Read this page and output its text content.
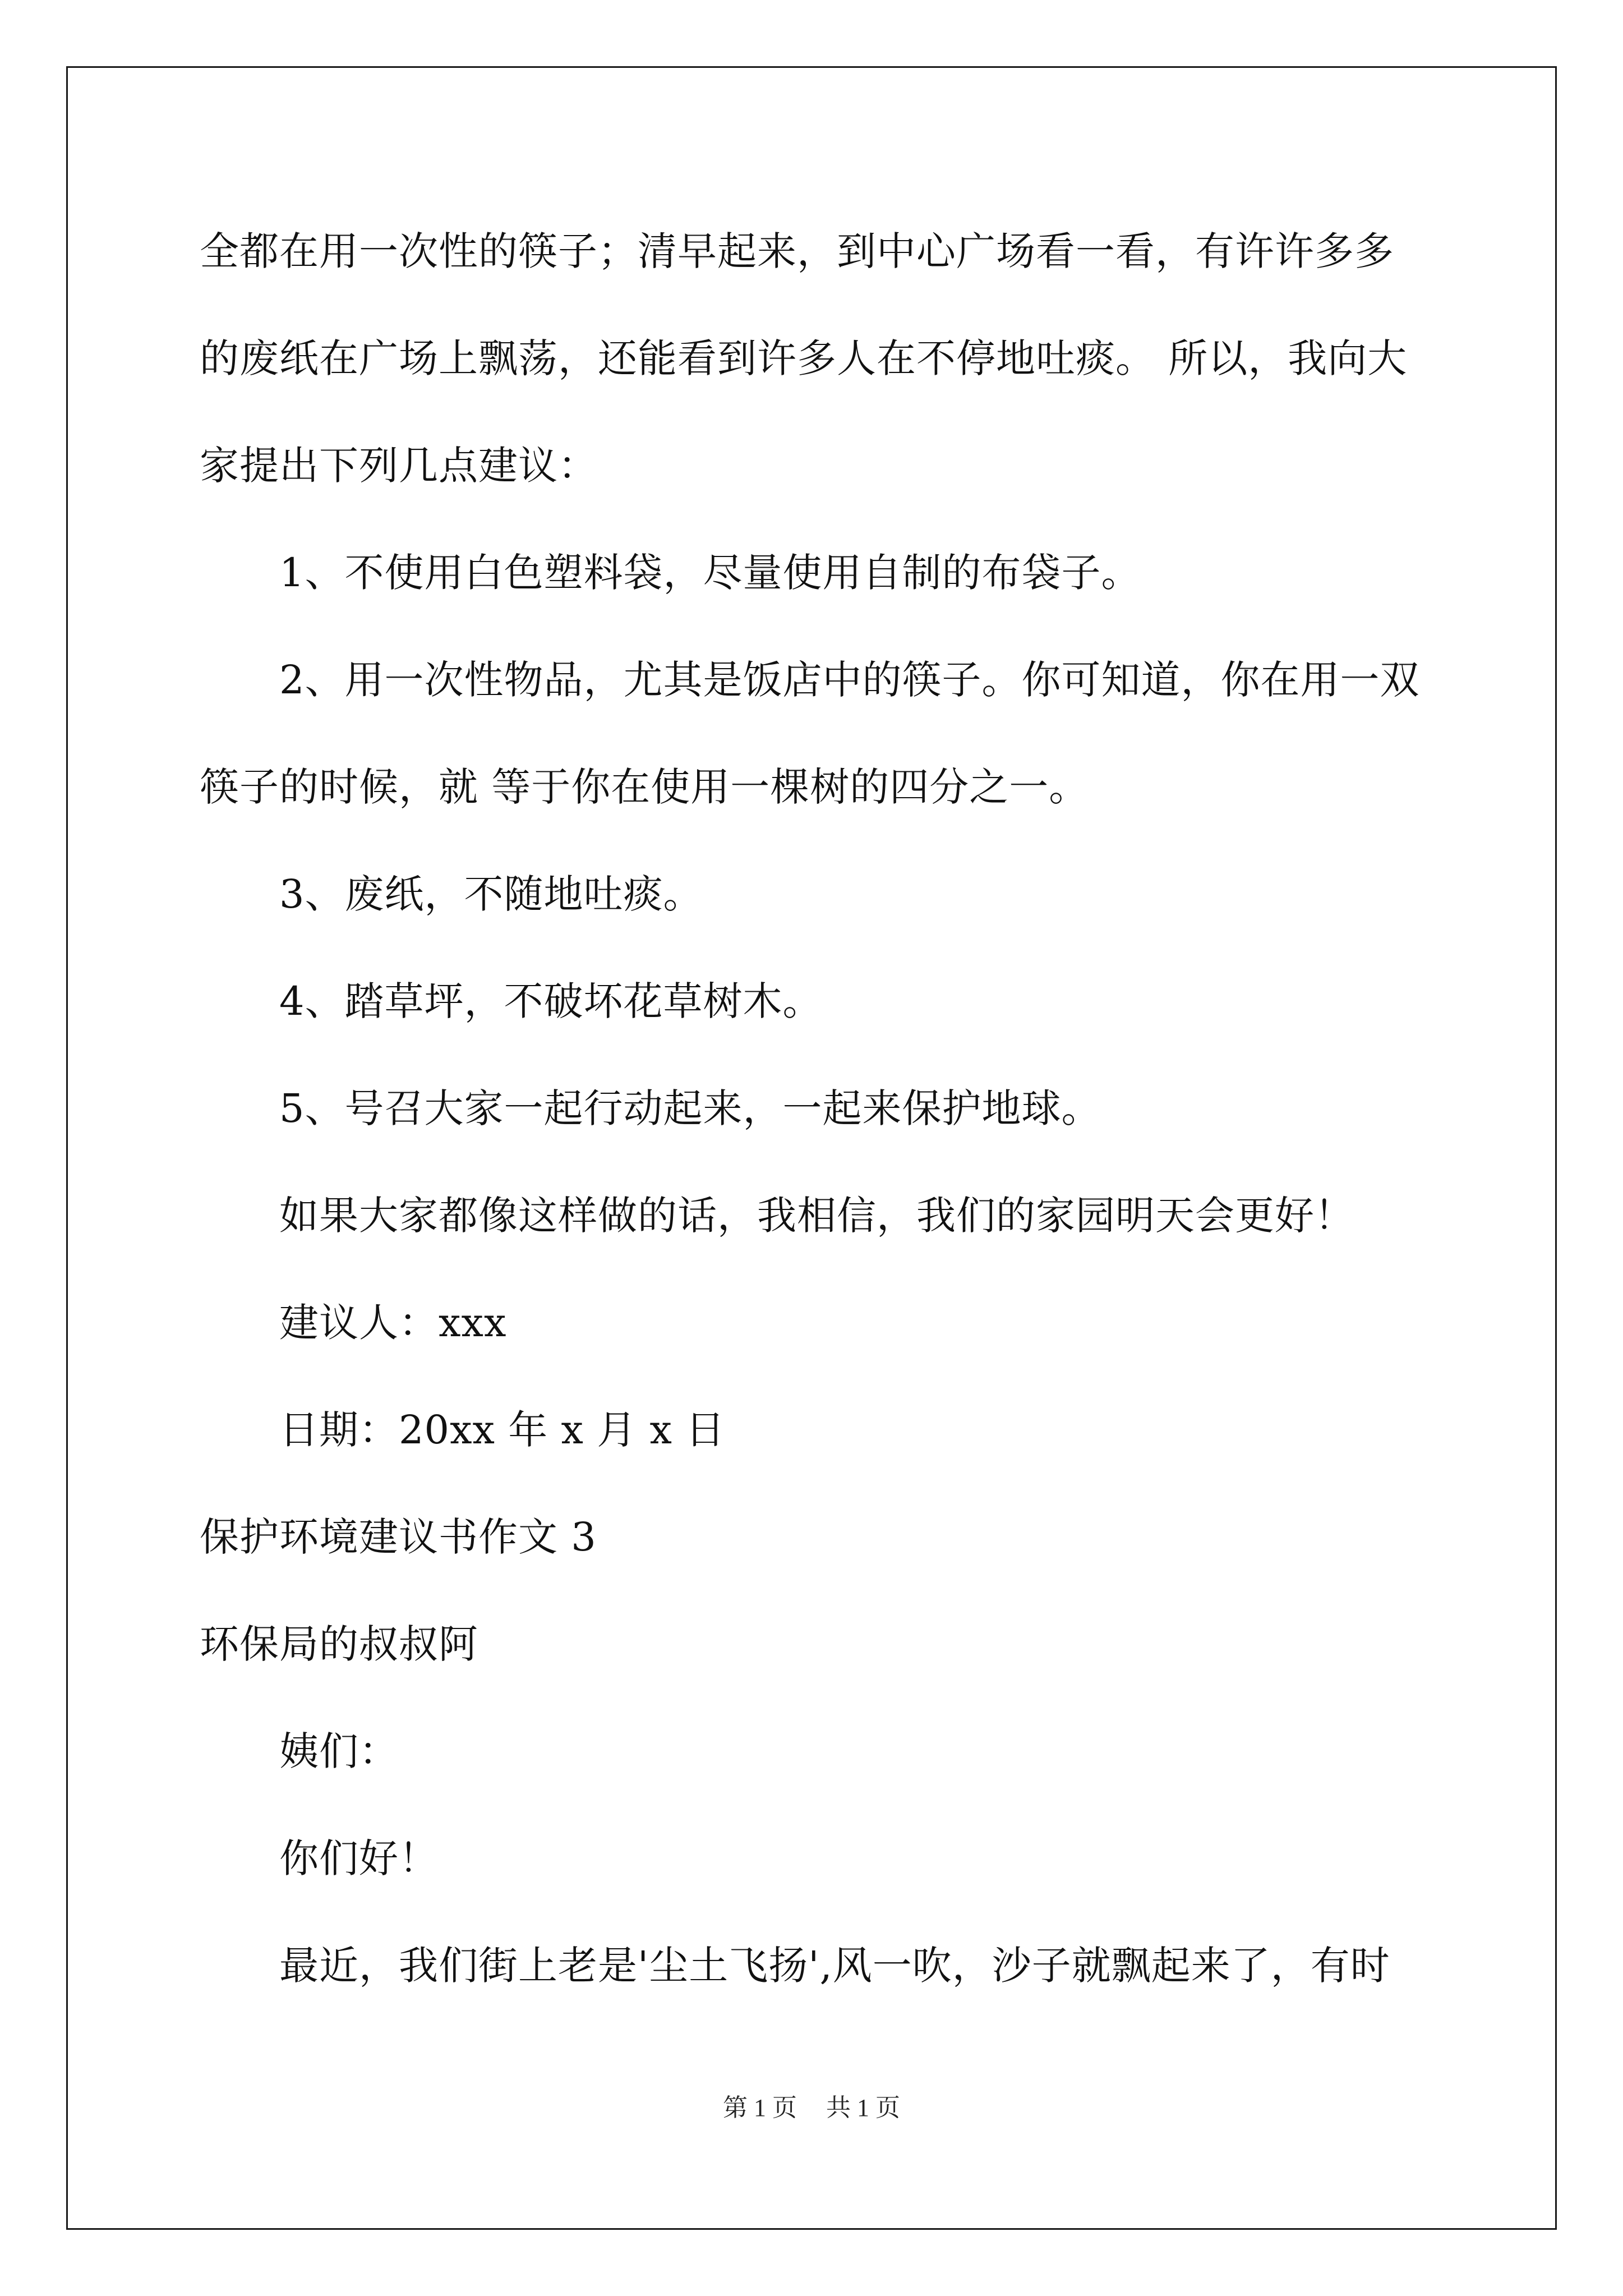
全都在用一次性的筷子；清早起来，到中心广场看一看，有许许多多
的废纸在广场上飘荡，还能看到许多人在不停地吐痰。 所以，我向大
家提出下列几点建议：
1、不使用白色塑料袋，尽量使用自制的布袋子。
2、用一次性物品，尤其是饭店中的筷子。你可知道，你在用一双
筷子的时候，就 等于你在使用一棵树的四分之一。
3、废纸，不随地吐痰。
4、踏草坪，不破坏花草树木。
5、号召大家一起行动起来，一起来保护地球。
如果大家都像这样做的话，我相信，我们的家园明天会更好！
建议人：xxx
日期：20xx 年 x 月 x 日
保护环境建议书作文 3
环保局的叔叔阿
姨们：
你们好！
最近，我们街上老是'尘土飞扬',风一吹，沙子就飘起来了，有时
第 1 页 共 1 页
